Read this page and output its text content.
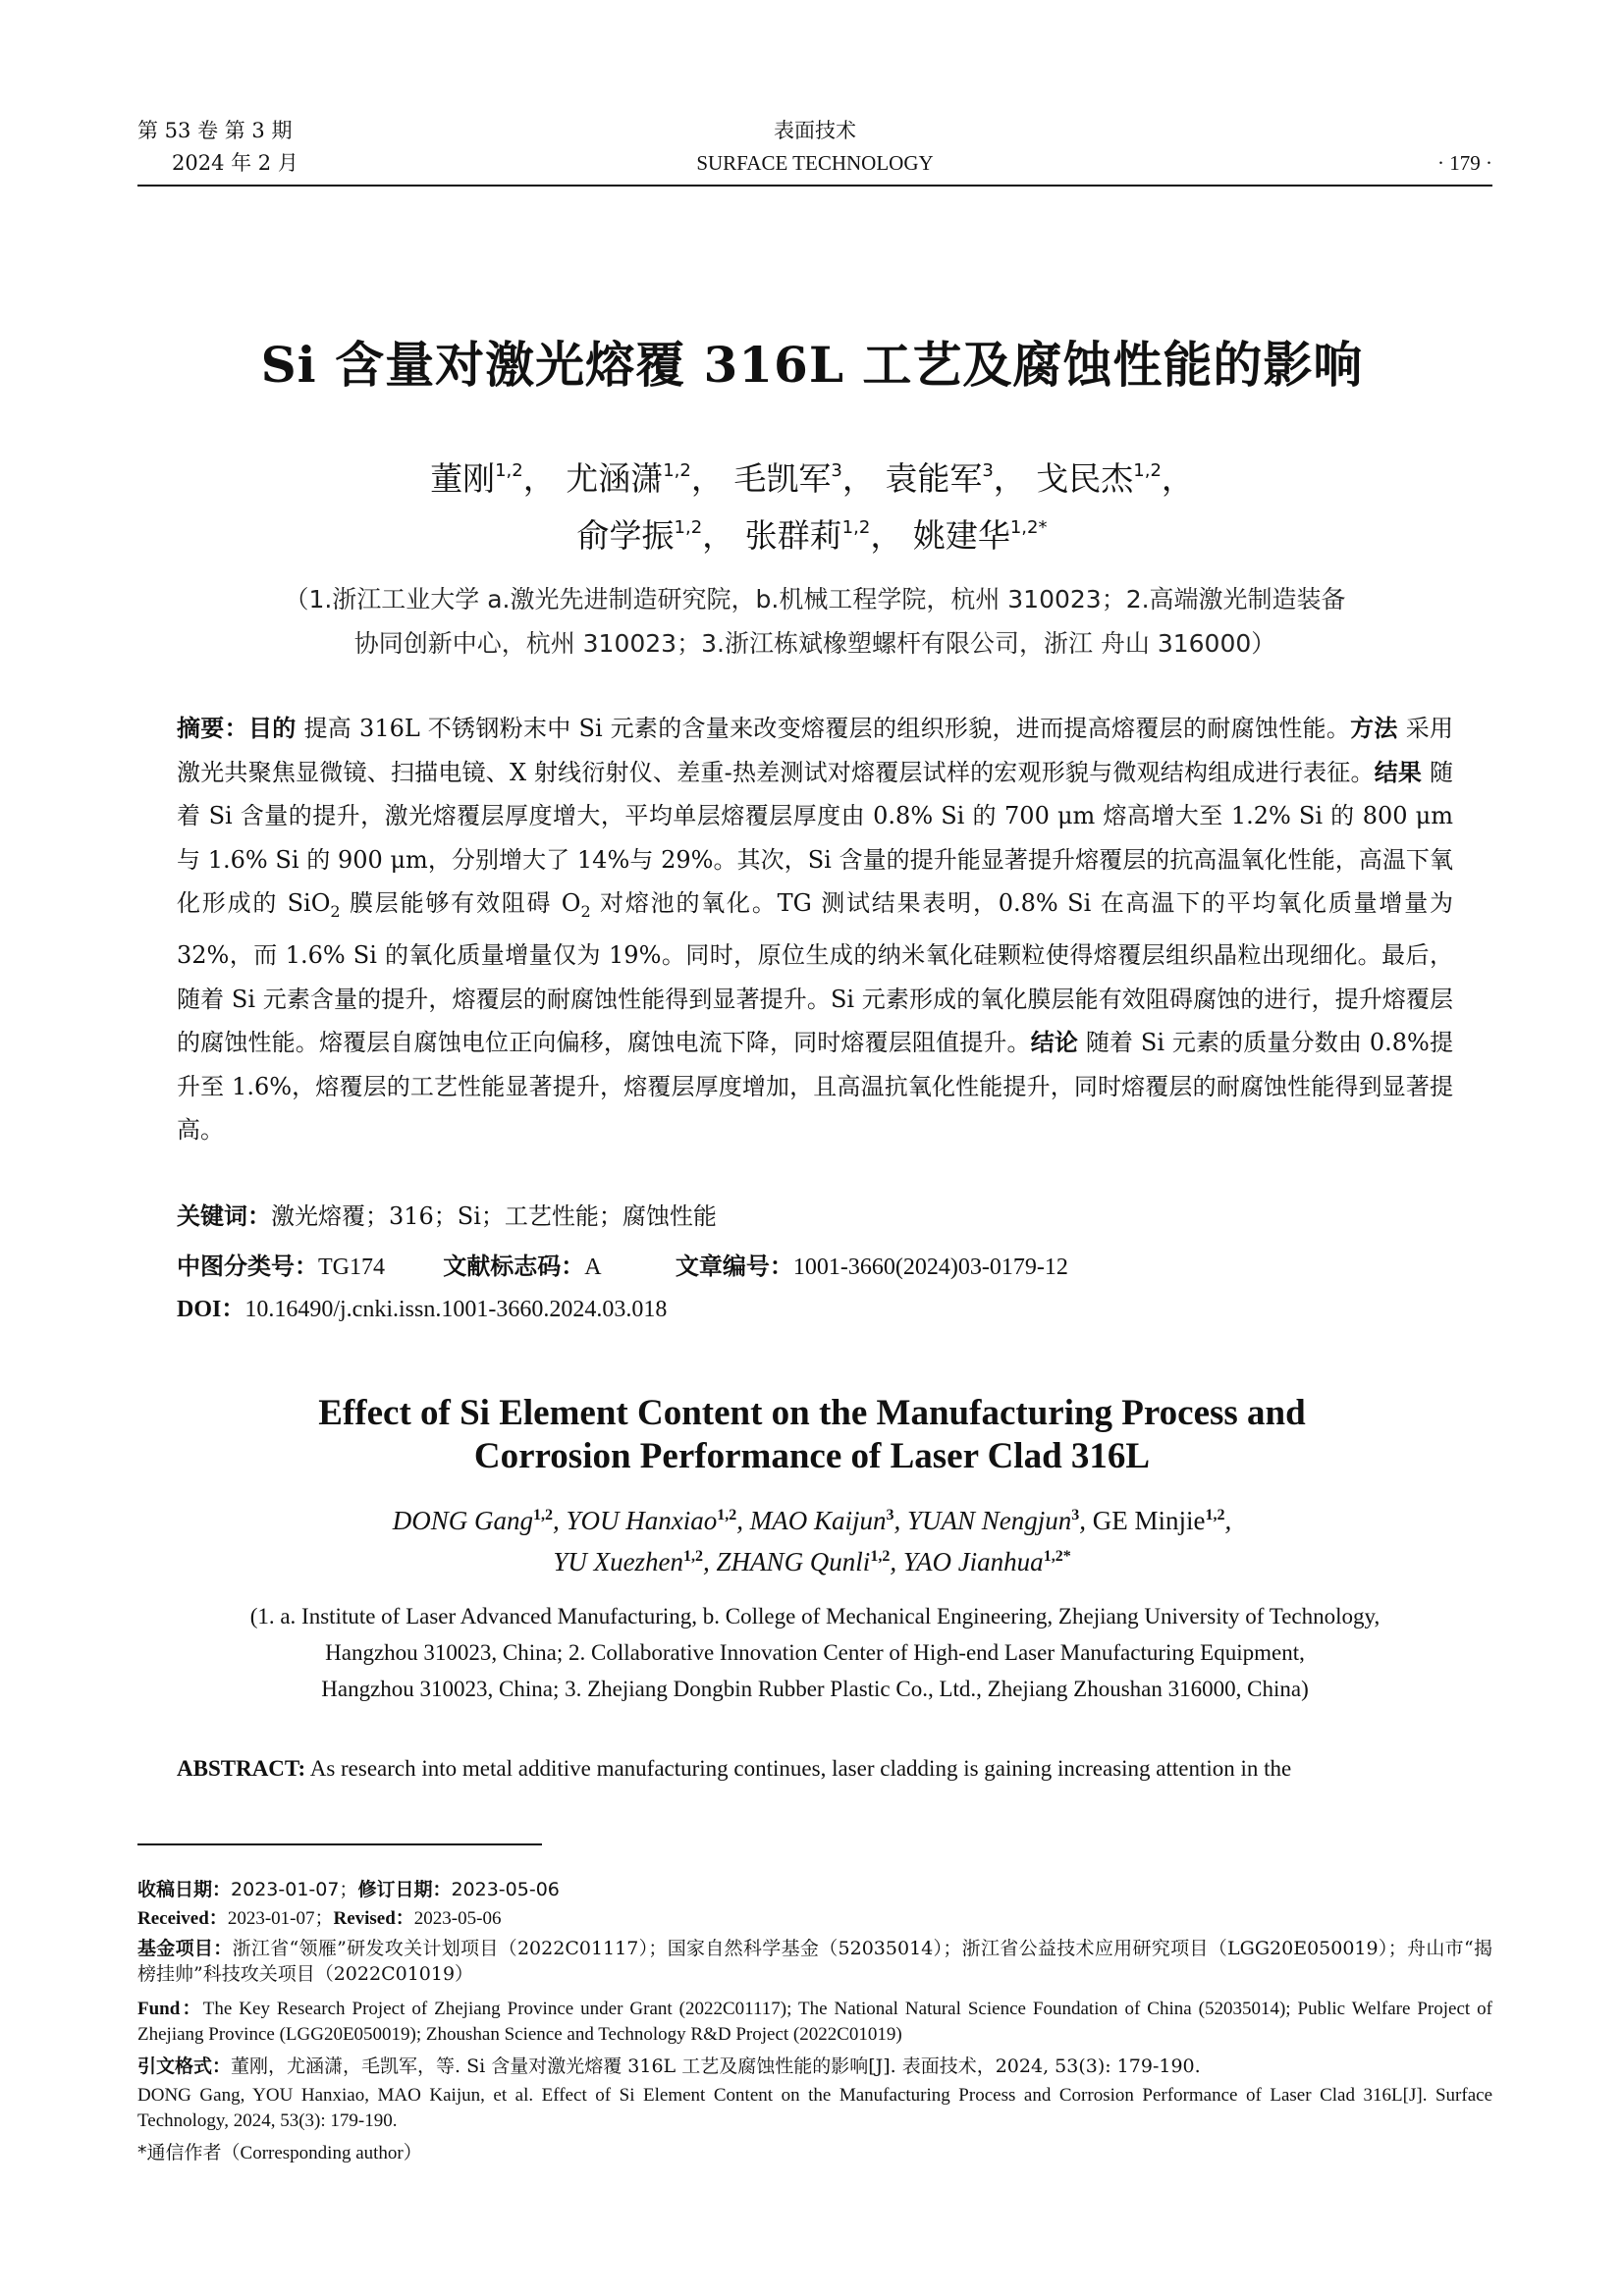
第 53 卷 第 3 期
2024 年 2 月
表面技术
SURFACE TECHNOLOGY	· 179 ·
Si 含量对激光熔覆 316L 工艺及腐蚀性能的影响
董刚$^{1,2}$， 尤涵潇$^{1,2}$， 毛凯军$^3$， 袁能军$^3$， 戈民杰$^{1,2}$，
俞学振$^{1,2}$， 张群莉$^{1,2}$， 姚建华$^{1,2*}$
（1.浙江工业大学 a.激光先进制造研究院，b.机械工程学院，杭州 310023；2.高端激光制造装备
协同创新中心，杭州 310023；3.浙江栋斌橡塑螺杆有限公司，浙江 舟山 316000）
摘要：目的 提高 316L 不锈钢粉末中 Si 元素的含量来改变熔覆层的组织形貌，进而提高熔覆层的耐腐蚀性能。方法 采用激光共聚焦显微镜、扫描电镜、X 射线衍射仪、差重-热差测试对熔覆层试样的宏观形貌与微观结构组成进行表征。结果 随着 Si 含量的提升，激光熔覆层厚度增大，平均单层熔覆层厚度由 0.8% Si 的 700 μm 熔高增大至 1.2% Si 的 800 μm 与 1.6% Si 的 900 μm，分别增大了 14%与 29%。其次，Si 含量的提升能显著提升熔覆层的抗高温氧化性能，高温下氧化形成的 SiO$_2$ 膜层能够有效阻碍 $O_2$ 对熔池的氧化。TG 测试结果表明，0.8% Si 在高温下的平均氧化质量增量为 32%，而 1.6% Si 的氧化质量增量仅为 19%。同时，原位生成的纳米氧化硅颗粒使得熔覆层组织晶粒出现细化。最后，随着 Si 元素含量的提升，熔覆层的耐腐蚀性能得到显著提升。Si 元素形成的氧化膜层能有效阻碍腐蚀的进行，提升熔覆层的腐蚀性能。熔覆层自腐蚀电位正向偏移，腐蚀电流下降，同时熔覆层阻值提升。结论 随着 Si 元素的质量分数由 0.8%提升至 1.6%，熔覆层的工艺性能显著提升，熔覆层厚度增加，且高温抗氧化性能提升，同时熔覆层的耐腐蚀性能得到显著提高。
关键词：激光熔覆；316；Si；工艺性能；腐蚀性能
中图分类号：TG174 文献标志码：A	文章编号：1001-3660(2024)03-0179-12
DOI：10.16490/j.cnki.issn.1001-3660.2024.03.018
Effect of Si Element Content on the Manufacturing Process and
Corrosion Performance of Laser Clad 316L
DONG Gang$^{1,2}$, YOU Hanxiao$^{1,2}$, MAO Kaijun$^3$, YUAN Nengjun$^3$, GE Minjie$^{1,2}$,
YU Xuezhen$^{1,2}$, ZHANG Qunli$^{1,2}$, YAO Jianhua$^{1,2*}$
(1. a. Institute of Laser Advanced Manufacturing, b. College of Mechanical Engineering, Zhejiang University of Technology,
Hangzhou 310023, China; 2. Collaborative Innovation Center of High-end Laser Manufacturing Equipment,
Hangzhou 310023, China; 3. Zhejiang Dongbin Rubber Plastic Co., Ltd., Zhejiang Zhoushan 316000, China)
ABSTRACT: As research into metal additive manufacturing continues, laser cladding is gaining increasing attention in the
收稿日期：2023-01-07；修订日期：2023-05-06
Received：2023-01-07；Revised：2023-05-06
基金项目：浙江省“领雁”研发攻关计划项目（2022C01117）；国家自然科学基金（52035014）；浙江省公益技术应用研究项目（LGG20E050019）；舟山市“揭榜挂帅”科技攻关项目（2022C01019）
Fund：The Key Research Project of Zhejiang Province under Grant (2022C01117); The National Natural Science Foundation of China (52035014); Public Welfare Project of Zhejiang Province (LGG20E050019); Zhoushan Science and Technology R&D Project (2022C01019)
引文格式：董刚，尤涵潇，毛凯军，等. Si 含量对激光熔覆 316L 工艺及腐蚀性能的影响[J]. 表面技术，2024, 53(3): 179-190.
DONG Gang, YOU Hanxiao, MAO Kaijun, et al. Effect of Si Element Content on the Manufacturing Process and Corrosion Performance of Laser Clad 316L[J]. Surface Technology, 2024, 53(3): 179-190.
*通信作者（Corresponding author）
